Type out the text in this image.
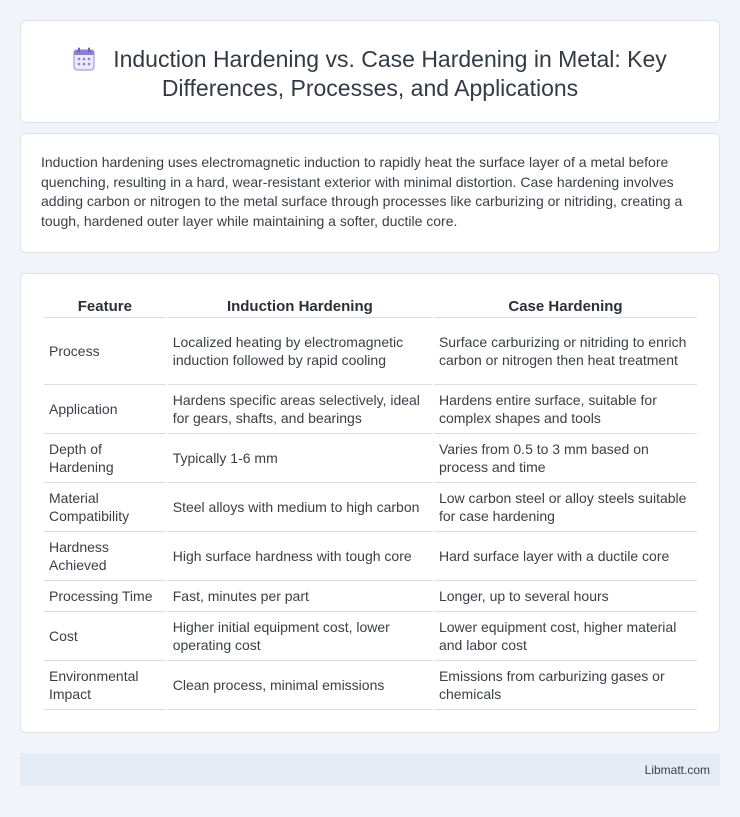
Induction Hardening vs. Case Hardening in Metal: Key Differences, Processes, and Applications

Induction hardening uses electromagnetic induction to rapidly heat the surface layer of a metal before quenching, resulting in a hard, wear-resistant exterior with minimal distortion. Case hardening involves adding carbon or nitrogen to the metal surface through processes like carburizing or nitriding, creating a tough, hardened outer layer while maintaining a softer, ductile core.

Feature	Induction Hardening	Case Hardening
Process	Localized heating by electromagnetic induction followed by rapid cooling	Surface carburizing or nitriding to enrich carbon or nitrogen then heat treatment
Application	Hardens specific areas selectively, ideal for gears, shafts, and bearings	Hardens entire surface, suitable for complex shapes and tools
Depth of Hardening	Typically 1-6 mm	Varies from 0.5 to 3 mm based on process and time
Material Compatibility	Steel alloys with medium to high carbon	Low carbon steel or alloy steels suitable for case hardening
Hardness Achieved	High surface hardness with tough core	Hard surface layer with a ductile core
Processing Time	Fast, minutes per part	Longer, up to several hours
Cost	Higher initial equipment cost, lower operating cost	Lower equipment cost, higher material and labor cost
Environmental Impact	Clean process, minimal emissions	Emissions from carburizing gases or chemicals
Libmatt.com
